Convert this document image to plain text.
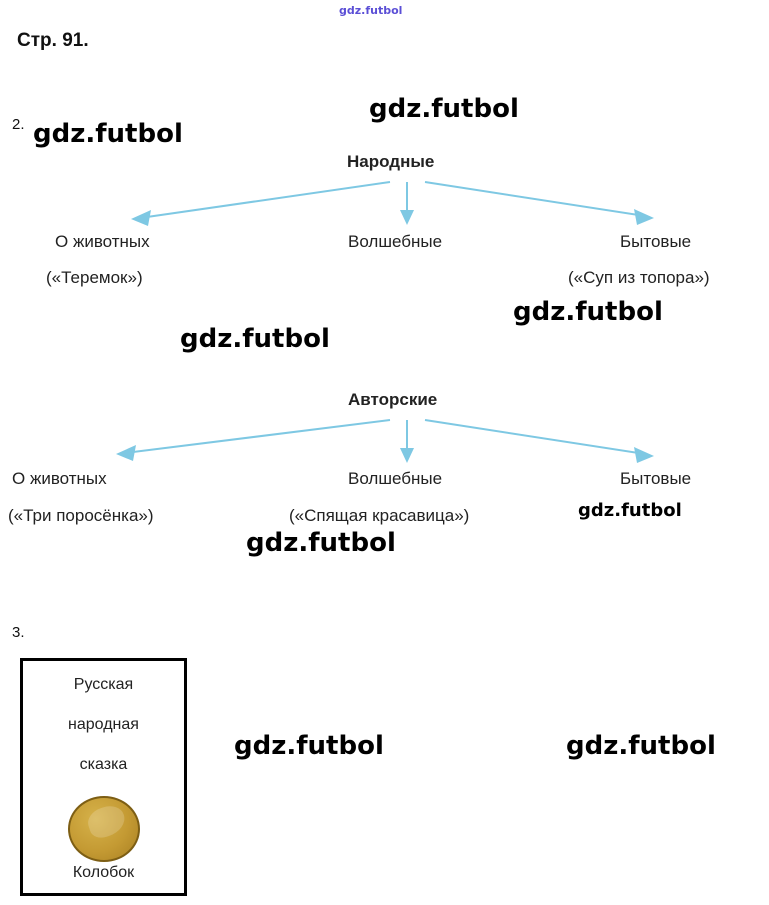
gdz.futbol
Стр. 91.
2.
Народные
О животных
(«Теремок»)
Волшебные	Бытовые
(«Суп из топора»)
Авторские
О животных
(«Три поросёнка»)
Волшебные
(«Спящая красавица»)
Бытовые
3.
Русская
народная
сказка
Колобок
gdz.futbol
gdz.futbol
gdz.futbol
gdz.futbol
gdz.futbol
gdz.futbol
gdz.futbol	gdz.futbol
